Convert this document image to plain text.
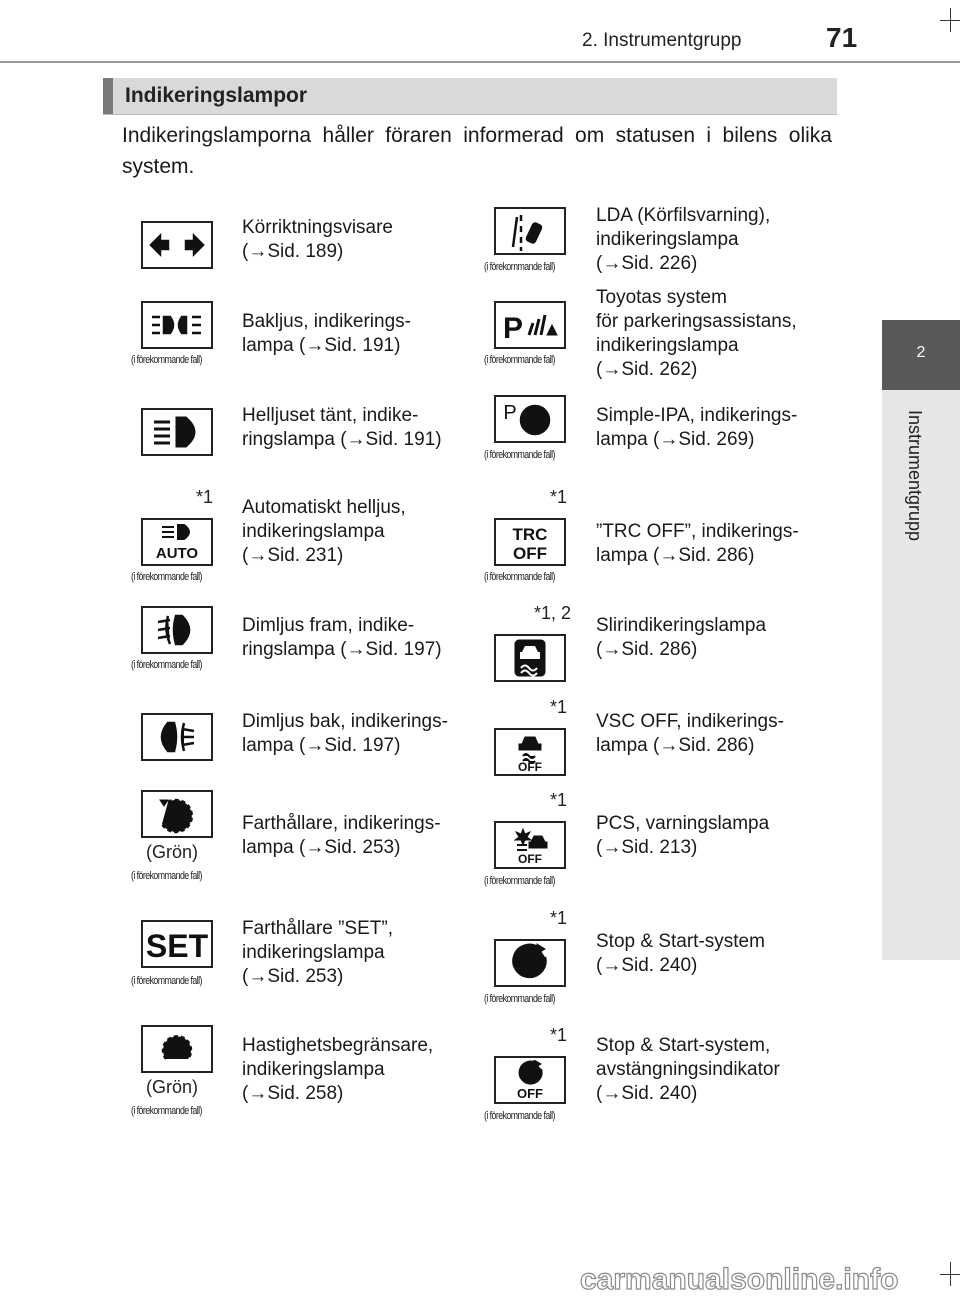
2. Instrumentgrupp	71
2
Instrumentgrupp
Indikeringslampor
Indikeringslamporna håller föraren informerad om statusen i bilens olika system.
Körriktningsvisare
(→Sid. 189)
(i förekommande fall)
Bakljus, indikerings-
lampa (→Sid. 191)
Helljuset tänt, indike-
ringslampa (→Sid. 191)
*1
AUTO
(i förekommande fall)
Automatiskt helljus,
indikeringslampa
(→Sid. 231)
(i förekommande fall)
Dimljus fram, indike-
ringslampa (→Sid. 197)
Dimljus bak, indikerings-
lampa (→Sid. 197)
(Grön)
(i förekommande fall)
Farthållare, indikerings-
lampa (→Sid. 253)
SET
(i förekommande fall)
Farthållare ”SET”,
indikeringslampa
(→Sid. 253)
(Grön)
(i förekommande fall)
Hastighetsbegränsare,
indikeringslampa
(→Sid. 258)
(i förekommande fall)
LDA (Körfilsvarning),
indikeringslampa
(→Sid. 226)
P
(i förekommande fall)
Toyotas system
för parkeringsassistans,
indikeringslampa
(→Sid. 262)
P
(i förekommande fall)
Simple-IPA, indikerings-
lampa (→Sid. 269)
*1
TRC
OFF
(i förekommande fall)
”TRC OFF”, indikerings-
lampa (→Sid. 286)
*1, 2
Slirindikeringslampa
(→Sid. 286)
*1
OFF
VSC OFF, indikerings-
lampa (→Sid. 286)
*1
OFF
(i förekommande fall)
PCS, varningslampa
(→Sid. 213)
*1
A
(i förekommande fall)
Stop & Start-system
(→Sid. 240)
*1
A
OFF
(i förekommande fall)
Stop & Start-system,
avstängningsindikator
(→Sid. 240)
carmanualsonline.info
